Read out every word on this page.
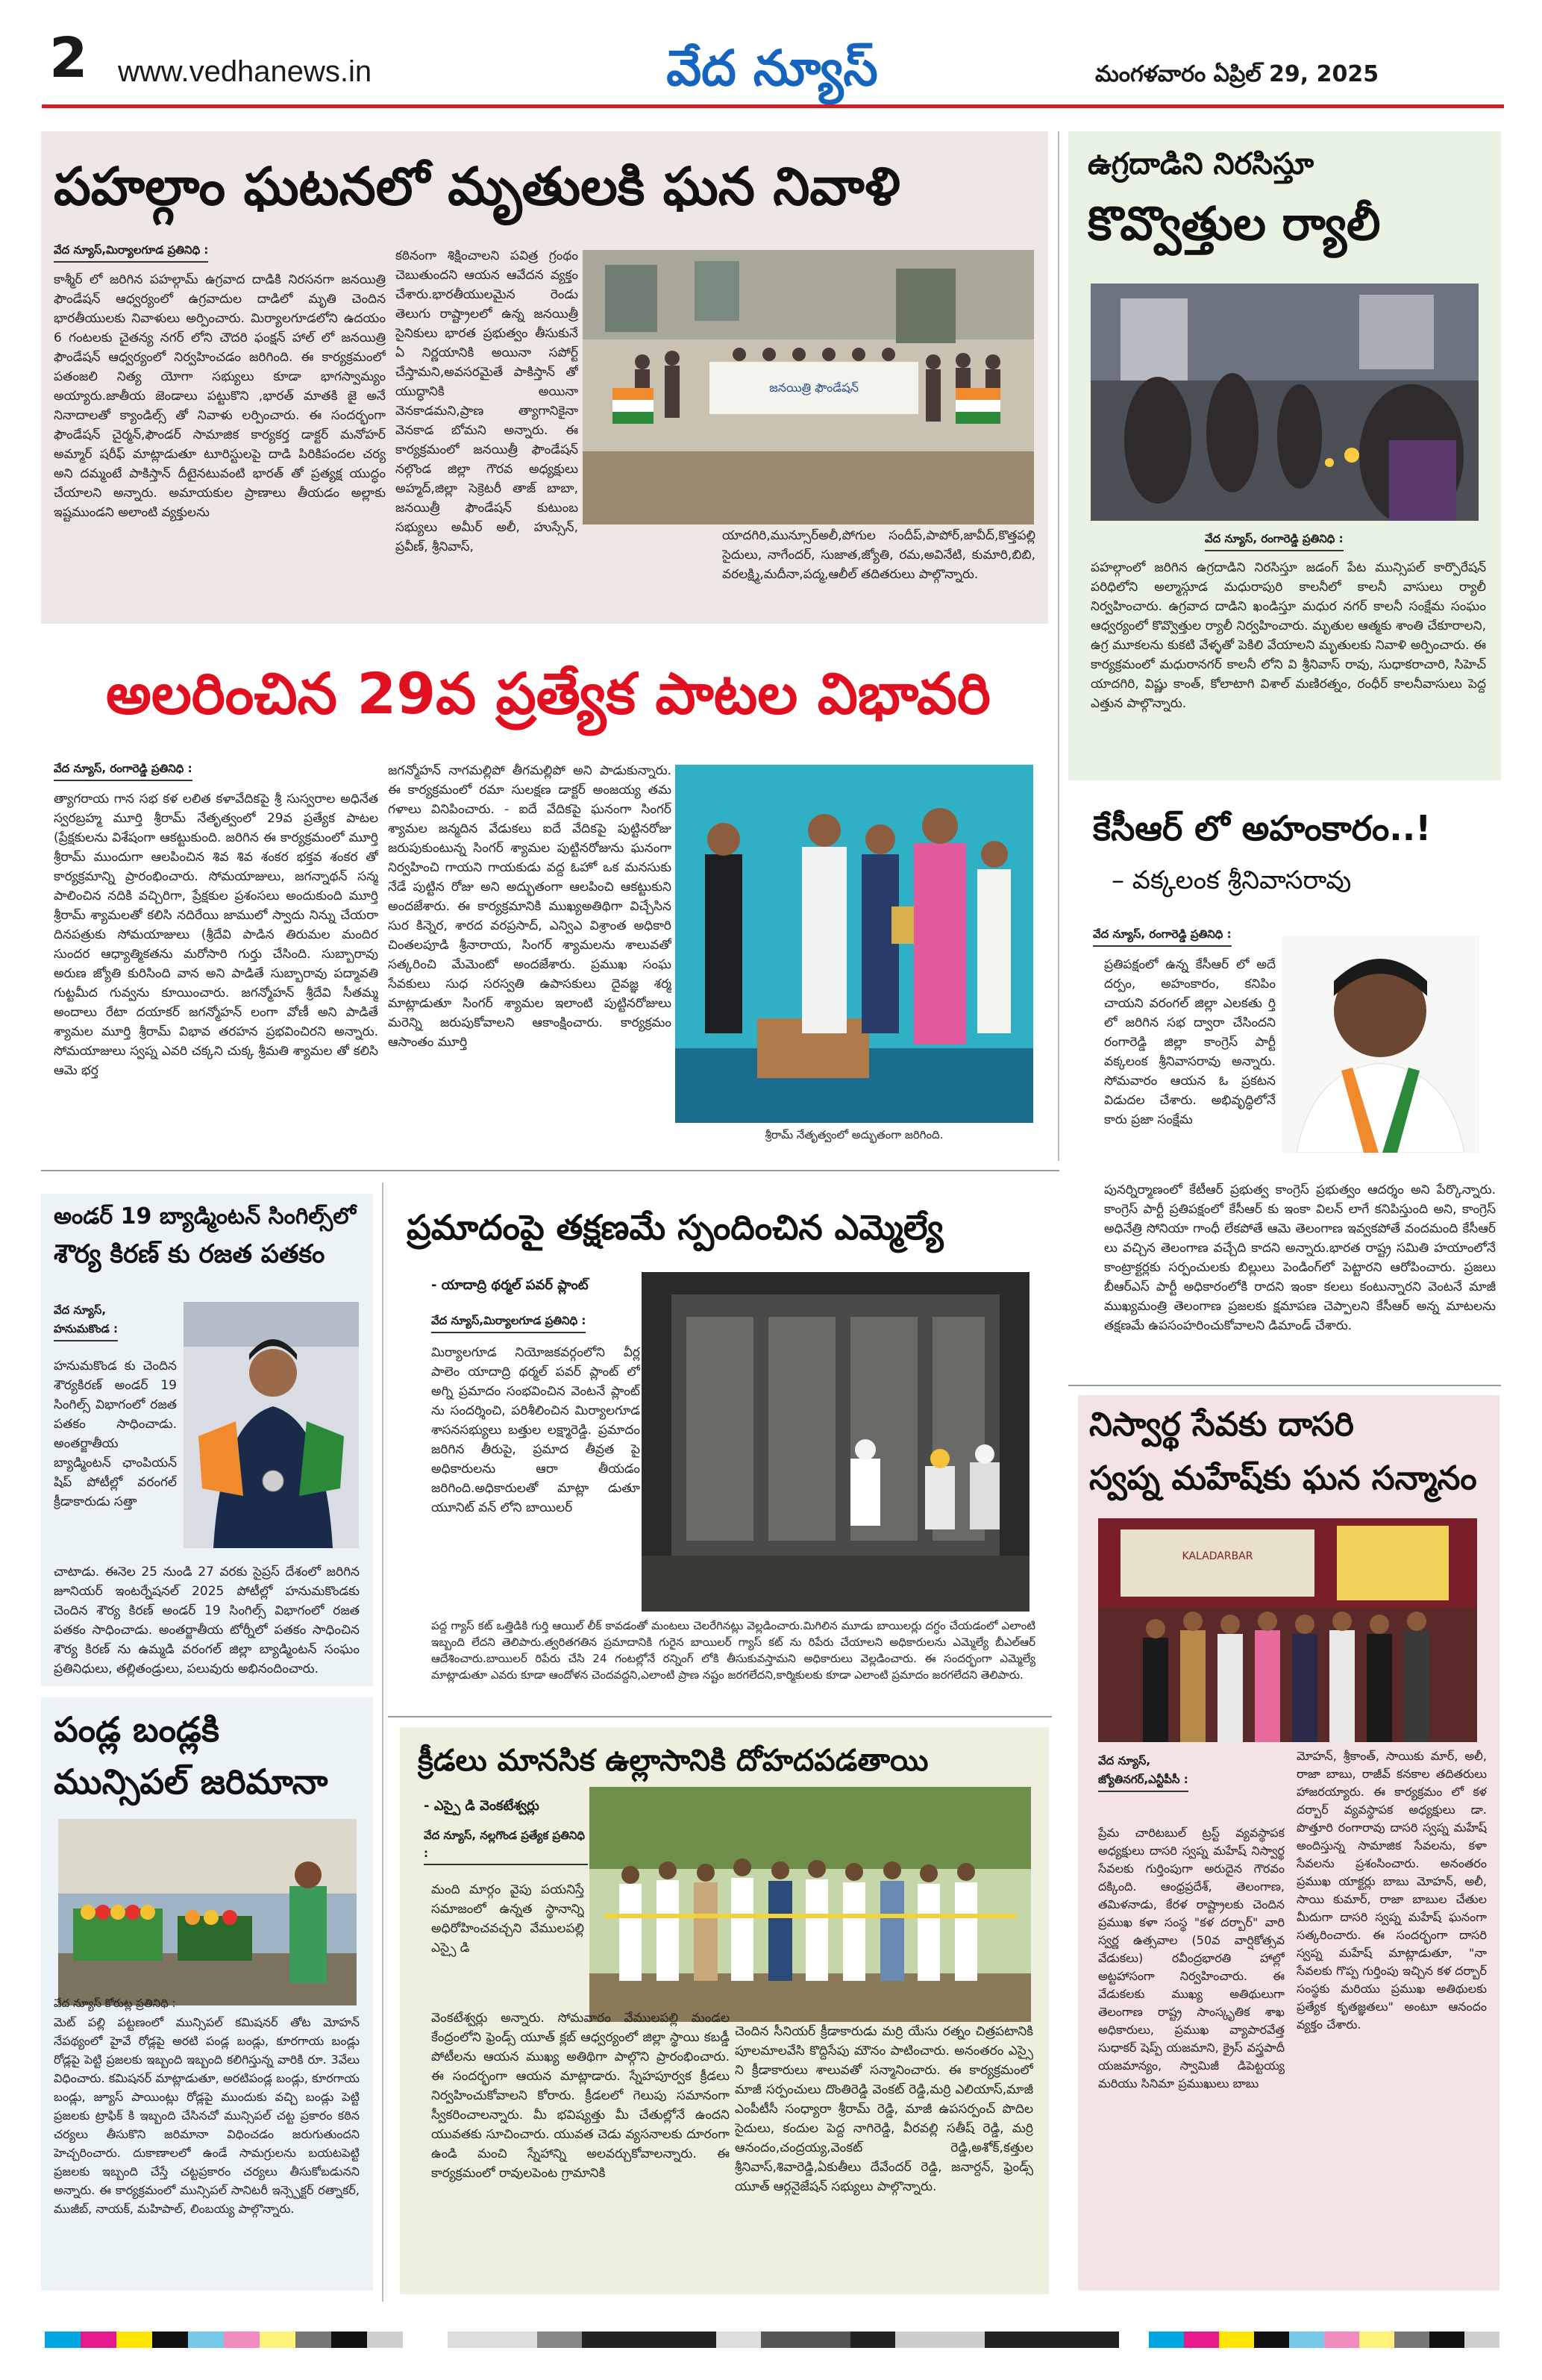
2 www.vedhanews.in	వేద న్యూస్	మంగళవారం ఏప్రిల్ 29, 2025
పహల్గాం ఘటనలో మృతులకి ఘన నివాళి
వేద న్యూస్,మిర్యాలగూడ ప్రతినిధి :
కాశ్మీర్ లో జరిగిన పహల్గామ్ ఉగ్రవాద దాడికి నిరసనగా జనయిత్రి ఫౌండేషన్ ఆధ్వర్యంలో ఉగ్రవాదుల దాడిలో మృతి చెందిన భారతీయులకు నివాళులు అర్పించారు. మిర్యాలగూడలోని ఉదయం 6 గంటలకు చైతన్య నగర్ లోని చౌదరి ఫంక్షన్ హాల్ లో జనయిత్రి ఫౌండేషన్ ఆధ్వర్యంలో నిర్వహించడం జరిగింది. ఈ కార్యక్రమంలో పతంజలి నిత్య యోగా సభ్యులు కూడా భాగస్వామ్యం అయ్యారు.జాతీయ జెండాలు పట్టుకొని ,భారత్ మాతకి జై అనే నినాదాలతో క్యాండిల్స్ తో నివాళు లర్పించారు. ఈ సందర్భంగా ఫౌండేషన్ చైర్మన్,ఫౌండర్ సామాజిక కార్యకర్త డాక్టర్ మనోహర్ అమ్మార్ షరీఫ్ మాట్లాడుతూ టూరిస్టులపై దాడి పిరికిపందల చర్య అని దమ్మంటే పాకిస్తాన్ దీటైనటువంటి భారత్ తో ప్రత్యక్ష యుద్ధం చేయాలని అన్నారు. అమాయకుల ప్రాణాలు తీయడం అల్లాకు ఇష్టముండని అలాంటి వ్యక్తులను
కఠినంగా శిక్షించాలని పవిత్ర గ్రంథం చెబుతుందని ఆయన ఆవేదన వ్యక్తం చేశారు.భారతీయులమైన రెండు తెలుగు రాష్ట్రాలలో ఉన్న జనయిత్రీ సైనికులు భారత ప్రభుత్వం తీసుకునే ఏ నిర్ణయానికి అయినా సపోర్ట్ చేస్తామని,అవసరమైతే పాకిస్తాన్ తో యుద్ధానికి అయినా వెనకాడమని,ప్రాణ త్యాగానికైనా వెనకాడ బోమని అన్నారు. ఈ కార్యక్రమంలో జనయిత్రీ ఫౌండేషన్ నల్గొండ జిల్లా గౌరవ అధ్యక్షులు అహ్మద్,జిల్లా సెక్రెటరీ తాజ్ బాబా, జనయిత్రీ ఫౌండేషన్ కుటుంబ సభ్యులు అమీర్ అలీ, హుస్సేన్, ప్రవీణ్, శ్రీనివాస్,
యాదగిరి,మున్సూర్అలీ,పోగుల సందీప్,పాపోర్,జావీద్,కొత్తపల్లి సైదులు, నాగేందర్, సుజాత,జ్యోతి, రమ,అవినేటి, కుమారి,బిబి, వరలక్ష్మి,మదీనా,పద్మ,ఆలీల్ తదితరులు పాల్గొన్నారు.
జనయిత్రి ఫౌండేషన్
ఉగ్రదాడిని నిరసిస్తూ
కొవ్వొత్తుల ర్యాలీ
వేద న్యూస్, రంగారెడ్డి ప్రతినిధి :
పహల్గాంలో జరిగిన ఉగ్రదాడిని నిరసిస్తూ జడంగ్ పేట మున్సిపల్ కార్పొరేషన్ పరిధిలోని అల్మాస్గూడ మధురాపురి కాలనీలో కాలనీ వాసులు ర్యాలీ నిర్వహించారు. ఉగ్రవాద దాడిని ఖండిస్తూ మధుర నగర్ కాలనీ సంక్షేమ సంఘం ఆధ్వర్యంలో కొవ్వొత్తుల ర్యాలీ నిర్వహించారు. మృతుల ఆత్మకు శాంతి చేకూరాలని, ఉగ్ర మూకలను కుకటి వేళ్ళతో పెకిలి వేయాలని మృతులకు నివాళి అర్పించారు. ఈ కార్యక్రమంలో మధురానగర్ కాలనీ లోని వి శ్రీనివాస్ రావు, సుధాకరాచారి, సిహెచ్ యాదగిరి, విష్ణు కాంత్, కోలాటాగి విశాల్ మణిరత్నం, రంధీర్ కాలనీవాసులు పెద్ద ఎత్తున పాల్గొన్నారు.
అలరించిన 29వ ప్రత్యేక పాటల విభావరి
వేద న్యూస్, రంగారెడ్డి ప్రతినిధి :
త్యాగరాయ గాన సభ కళ లలిత కళావేదికపై శ్రీ సుస్వరాల అధినేత స్వరబ్రహ్మ మూర్తి శ్రీరామ్ నేతృత్వంలో 29వ ప్రత్యేక పాటల (ప్రేక్షకులను విశేషంగా ఆకట్టుకుంది. జరిగిన ఈ కార్యక్రమంలో మూర్తి శ్రీరామ్ ముందుగా ఆలపించిన శివ శివ శంకర భక్తవ శంకర తో కార్యక్రమాన్ని ప్రారంభించారు. సోమయాజులు, జగన్నాథన్ సన్మ పాలించిన నదికి వచ్చిరిగా, ప్రేక్షకుల ప్రశంసలు అందుకుంది మూర్తి శ్రీరామ్ శ్యామలతో కలిసి నదిరేయి జాములో స్వాదు నిన్ను చేయరా దినపత్రుకు సోమయాజులు (శ్రీదేవి పాడిన తిరుమల మందిర సుందర ఆధ్యాత్మికతను మరోసారి గుర్తు చేసింది. సుబ్బారావు అరుణ జ్యోతి కురిసింది వాన అని పాడితే సుబ్బారావు పద్మావతి గుట్టమీద గువ్వను కూయించారు. జగన్మోహన్ శ్రీదేవి సీతమ్మ అందాలు రేటా దయాకర్ జగన్మోహన్ లంగా వోణీ అని పాడితే శ్యామల మూర్తి శ్రీరామ్ విభావ తరహన ప్రభవించిరని అన్నారు. సోమయాజులు స్వప్న ఎవరి చక్కని చుక్క శ్రీమతి శ్యామల తో కలిసి ఆమె భర్త
జగన్మోహన్ నాగమల్లిపో తీగమల్లిపో అని పాడుకున్నారు. ఈ కార్యక్రమంలో రమా సులక్షణ డాక్టర్ అంజయ్య తమ గళాలు వినిపించారు. - ఐదే వేదికపై ఘనంగా సింగర్ శ్యామల జన్మదిన వేడుకలు ఐదే వేదికపై పుట్టినరోజు జరుపుకుంటున్న సింగర్ శ్యామల పుట్టినరోజును ఘనంగా నిర్వహించి గాయని గాయకుడు వద్ద ఓహో ఒక మనసుకు నేడే పుట్టిన రోజు అని అద్భుతంగా ఆలపించి ఆకట్టుకుని అందజేశారు. ఈ కార్యక్రమానికి ముఖ్యఅతిథిగా విచ్చేసిన సుర కిన్నెర, శారద వరప్రసాద్, ఎన్విఎ విశ్రాంత అధికారి చింతలపూడి శ్రీనారాయ, సింగర్ శ్యామలను శాలువతో సత్కరించి మేమెంటో అందజేశారు. ప్రముఖ సంఘ సేవకులు సుధ సరస్వతి ఉపాసకులు దైవజ్ఞ శర్మ మాట్లాడుతూ సింగర్ శ్యామల ఇలాంటి పుట్టినరోజులు మరెన్ని జరుపుకోవాలని ఆకాంక్షించారు. కార్యక్రమం ఆసాంతం మూర్తి
శ్రీరామ్ నేతృత్వంలో అద్భుతంగా జరిగింది.
కేసీఆర్ లో అహంకారం..!
– వక్కలంక శ్రీనివాసరావు
వేద న్యూస్, రంగారెడ్డి ప్రతినిధి :
ప్రతిపక్షంలో ఉన్న కేసీఆర్ లో అదే దర్పం, అహంకారం, కనిపిం చాయని వరంగల్ జిల్లా ఎలకతు ర్తి లో జరిగిన సభ ద్వారా చేసిందని రంగారెడ్డి జిల్లా కాంగ్రెస్ పార్టీ వక్కలంక శ్రీనివాసరావు అన్నారు. సోమవారం ఆయన ఓ ప్రకటన విడుదల చేశారు. అభివృద్ధిలోనే కారు ప్రజా సంక్షేమ
పునర్నిర్మాణంలో కేటీఆర్ ప్రభుత్వ కాంగ్రెస్ ప్రభుత్వం ఆదర్శం అని పేర్కొన్నారు. కాంగ్రెస్ పార్టీ ప్రతిపక్షంలో కేసీఆర్ కు ఇంకా విలన్ లాగే కనిపిస్తుంది అని, కాంగ్రెస్ అధినేత్రి సోనియా గాంధీ లేకపోతే ఆమె తెలంగాణ ఇవ్వకపోతే వందమంది కేసీఆర్ లు వచ్చిన తెలంగాణ వచ్చేది కాదని అన్నారు.భారత రాష్ట్ర సమితి హయాంలోనే కాంట్రాక్టర్లకు సర్పంచులకు బిల్లులు పెండింగ్‌లో పెట్టారని ఆరోపించారు. ప్రజలు బీఆర్ఎస్ పార్టీ అధికారంలోకి రాదని ఇంకా కలలు కంటున్నారని వెంటనే మాజీ ముఖ్యమంత్రి తెలంగాణ ప్రజలకు క్షమాపణ చెప్పాలని కేసీఆర్ అన్న మాటలను తక్షణమే ఉపసంహరించుకోవాలని డిమాండ్ చేశారు.
అండర్ 19 బ్యాడ్మింటన్ సింగిల్స్‌లో
శౌర్య కిరణ్ కు రజత పతకం
వేద న్యూస్,
హనుమకొండ :
హనుమకొండ కు చెందిన శౌర్యకిరణ్ అండర్ 19 సింగిల్స్ విభాగంలో రజత పతకం సాధించాడు. అంతర్జాతీయ బ్యాడ్మింటన్ ఛాంపియన్ షిప్ పోటీల్లో వరంగల్ క్రీడాకారుడు సత్తా
చాటాడు. ఈనెల 25 నుండి 27 వరకు సైప్రస్ దేశంలో జరిగిన జూనియర్ ఇంటర్నేషనల్ 2025 పోటీల్లో హనుమకొండకు చెందిన శౌర్య కిరణ్ అండర్ 19 సింగిల్స్ విభాగంలో రజత పతకం సాధించాడు. అంతర్జాతీయ టోర్నీలో పతకం సాధించిన శౌర్య కిరణ్ ను ఉమ్మడి వరంగల్ జిల్లా బ్యాడ్మింటన్ సంఘం ప్రతినిధులు, తల్లితండ్రులు, పలువురు అభినందించారు.
పండ్ల బండ్లకి
మున్సిపల్ జరిమానా
మెట్ పల్లి పట్టణంలో మున్సిపల్ కమిషనర్ తోట మోహన్ నేపథ్యంలో హైవే రోడ్లపై అరటి పండ్ల బండ్లు, కూరగాయ బండ్లు రోడ్లపై పెట్టి ప్రజలకు ఇబ్బంది ఇబ్బంది కలిగిస్తున్న వారికి రూ. 3వేలు విధించారు. కమిషనర్ మాట్లాడుతూ, అరటిపండ్ల బండ్లు, కూరగాయ బండ్లు, జ్యూస్ పాయింట్లు రోడ్లపై ముందుకు వచ్చి బండ్లు పెట్టి ప్రజలకు ట్రాఫిక్ కి ఇబ్బంది చేసినచో మున్సిపల్ చట్ట ప్రకారం కఠిన చర్యలు తీసుకొని జరిమానా విధించడం జరుగుతుందని హెచ్చరించారు. దుకాణాలలో ఉండే సామగ్రులను బయటపెట్టి ప్రజలకు ఇబ్బంది చేస్తే చట్టప్రకారం చర్యలు తీసుకోబడునని అన్నారు. ఈ కార్యక్రమంలో మున్సిపల్ సానిటరీ ఇన్స్పెక్టర్ రత్నాకర్, ముజీబ్, నాయక్, మహిపాల్, లింబయ్య పాల్గొన్నారు.
వేద న్యూస్ కోరుట్ల ప్రతినిధి :
ప్రమాదంపై తక్షణమే స్పందించిన ఎమ్మెల్యే
- యాదాద్రి థర్మల్ పవర్ ప్లాంట్
వేద న్యూస్,మిర్యాలగూడ ప్రతినిధి :
మిర్యాలగూడ నియోజకవర్గంలోని వీర్ల పాలెం యాదాద్రి థర్మల్ పవర్ ప్లాంట్ లో అగ్ని ప్రమాదం సంభవించిన వెంటనే ప్లాంట్ ను సందర్శించి, పరిశీలించిన మిర్యాలగూడ శాసనసభ్యులు బత్తుల లక్ష్మారెడ్డి. ప్రమాదం జరిగిన తీరుపై, ప్రమాద తీవ్రత పై అధికారులను ఆరా తీయడం జరిగింది.అధికారులతో మాట్లా డుతూ యూనిట్ వన్ లోని బాయిలర్
పద్ద గ్యాస్ కట్ ఒత్తిడికి గుర్తి ఆయిల్ లీక్ కావడంతో మంటలు చెలరేగినట్లు వెల్లడించారు.మిగిలిన మూడు బాయిలర్లు దగ్ధం చేయడంలో ఎలాంటి ఇబ్బంది లేదని తెలిపారు.త్వరితగతిన ప్రమాదానికి గురైన బాయిలర్ గ్యాస్ కట్ ను రిపేరు చేయాలని అధికారులను ఎమ్మెల్యే బీఎల్ఆర్ ఆదేశించారు.బాయిలర్ రిపేరు చేసి 24 గంటల్లోనే రన్నింగ్ లోకి తీసుకువస్తామని అధికారులు వెల్లడించారు. ఈ సందర్భంగా ఎమ్మెల్యే మాట్లాడుతూ ఎవరు కూడా ఆందోళన చెందవద్దని,ఎలాంటి ప్రాణ నష్టం జరగలేదని,కార్మికులకు కూడా ఎలాంటి ప్రమాదం జరగలేదని తెలిపారు.
క్రీడలు మానసిక ఉల్లాసానికి దోహదపడతాయి
- ఎస్పై డి వెంకటేశ్వర్లు
వేద న్యూస్, నల్లగొండ ప్రత్యేక ప్రతినిధి :
మంది మార్గం వైపు పయనిస్తే సమాజంలో ఉన్నత స్థానాన్ని అధిరోహించవచ్చని వేములపల్లి ఎస్సై డి
వెంకటేశ్వర్లు అన్నారు. సోమవారం వేములపల్లి మండల కేంద్రంలోని ఫ్రెండ్స్ యూత్ క్లబ్ ఆధ్వర్యంలో జిల్లా స్థాయి కబడ్డీ పోటీలను ఆయన ముఖ్య అతిథిగా పాల్గొని ప్రారంభించారు. ఈ సందర్భంగా ఆయన మాట్లాడారు. స్నేహపూర్వక క్రీడలు నిర్వహించుకోవాలని కోరారు. క్రీడలలో గెలుపు సమానంగా స్వీకరించాలన్నారు. మీ భవిష్యత్తు మీ చేతుల్లోనే ఉందని యువతకు సూచించారు. యువత చెడు వ్యసనాలకు దూరంగా ఉండి మంచి స్నేహాన్ని అలవర్చుకోవాలన్నారు. ఈ కార్యక్రమంలో రావులపెంట గ్రామానికి
చెందిన సీనియర్ క్రీడాకారుడు మర్రి యేసు రత్నం చిత్రపటానికి పూలమాలవేసి కొద్దిసేపు మౌనం పాటించారు. అనంతరం ఎస్సై ని క్రీడాకారులు శాలువతో సన్మానించారు. ఈ కార్యక్రమంలో మాజీ సర్పంచులు దొంతిరెడ్డి వెంకట్ రెడ్డి,మర్రి ఎలియాస్,మాజీ ఎంపీటీసీ సంధ్యారా శ్రీరామ్ రెడ్డి, మాజీ ఉపసర్పంచ్ పొదిల సైదులు, కందుల పెద్ద నాగిరెడ్డి, వీరవల్లి సతీష్ రెడ్డి, మర్రి ఆనందం,చంద్రయ్య,వెంకట్ రెడ్డి,అశోక్,కత్తుల శ్రీనివాస్,శివారెడ్డి,ఏకుతీలు దేవేందర్ రెడ్డి, జనార్దన్, ఫ్రెండ్స్ యూత్ ఆర్గనైజేషన్ సభ్యులు పాల్గొన్నారు.
నిస్వార్థ సేవకు దాసరి
స్వప్న మహేష్‌కు ఘన సన్మానం
KALADARBAR
వేద న్యూస్,
జ్యోతినగర్,ఎన్టీపీసీ :
ప్రేమ చారిటబుల్ ట్రస్ట్ వ్యవస్థాపక అధ్యక్షులు దాసరి స్వప్న మహేష్ నిస్వార్థ సేవలకు గుర్తింపుగా అరుదైన గౌరవం దక్కింది. ఆంధ్రప్రదేశ్, తెలంగాణ, తమిళనాడు, కేరళ రాష్ట్రాలకు చెందిన ప్రముఖ కళా సంస్థ "కళ దర్బార్" వారి స్వర్ణ ఉత్సవాల (50వ వార్షికోత్సవ వేడుకలు) రవీంద్రభారతి హాల్లో అట్టహాసంగా నిర్వహించారు. ఈ వేడుకలకు ముఖ్య అతిథులుగా తెలంగాణ రాష్ట్ర సాంస్కృతిక శాఖ అధికారులు, ప్రముఖ వ్యాపారవేత్త సుధాకర్ షెప్ప్ యజమాని, క్రైస్ వస్త్రపాదీ యజమాన్యం, స్వామిజీ డిపెట్టయ్య మరియు సినిమా ప్రముఖులు బాబు
మోహన్, శ్రీకాంత్, సాయికు మార్, అలీ, రాజా బాబు, రాజీవ్ కనకాల తదితరులు హాజరయ్యారు. ఈ కార్యక్రమం లో కళ దర్బార్ వ్యవస్థాపక అధ్యక్షులు డా. పొత్తూరి రంగారావు దాసరి స్వప్న మహేష్ అందిస్తున్న సామాజిక సేవలను, కళా సేవలను ప్రశంసించారు. అనంతరం ప్రముఖ యాక్టర్లు బాబు మోహన్, అలీ, సాయి కుమార్, రాజా బాబుల చేతుల మీదుగా దాసరి స్వప్న మహేష్ ఘనంగా సత్కరించారు. ఈ సందర్భంగా దాసరి స్వప్న మహేష్ మాట్లాడుతూ, "నా సేవలకు గొప్ప గుర్తింపు ఇచ్చిన కళ దర్బార్ సంస్థకు మరియు ప్రముఖ అతిథులకు ప్రత్యేక కృతజ్ఞతలు" అంటూ ఆనందం వ్యక్తం చేశారు.
